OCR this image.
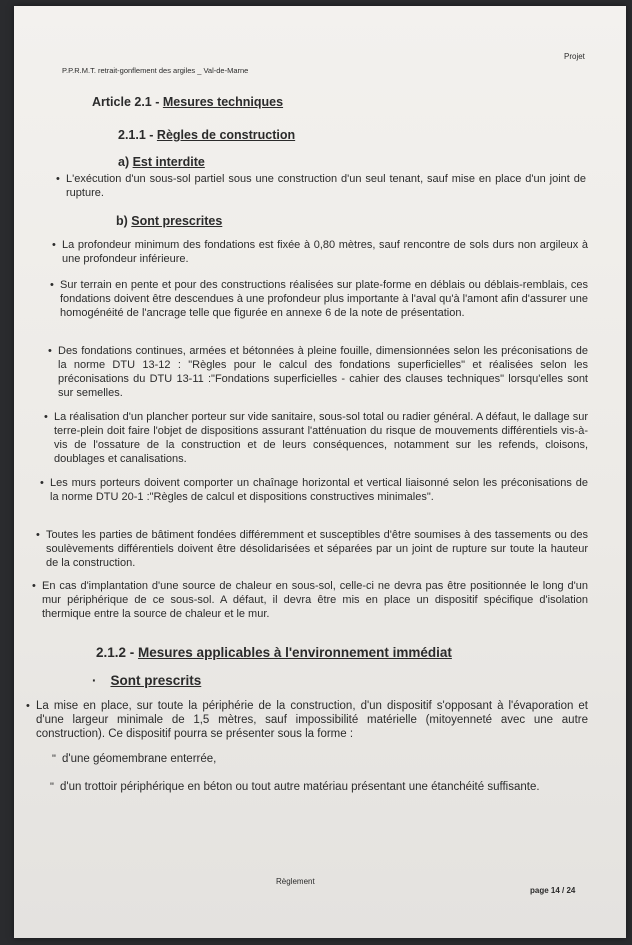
Projet
P.P.R.M.T. retrait-gonflement des argiles _ Val-de-Marne
Article 2.1 - Mesures techniques
2.1.1 - Règles de construction
a) Est interdite
• L'exécution d'un sous-sol partiel sous une construction d'un seul tenant, sauf mise en place d'un joint de rupture.
b) Sont prescrites
• La profondeur minimum des fondations est fixée à 0,80 mètres, sauf rencontre de sols durs non argileux à une profondeur inférieure.
• Sur terrain en pente et pour des constructions réalisées sur plate-forme en déblais ou déblais-remblais, ces fondations doivent être descendues à une profondeur plus importante à l'aval qu'à l'amont afin d'assurer une homogénéité de l'ancrage telle que figurée en annexe 6 de la note de présentation.
• Des fondations continues, armées et bétonnées à pleine fouille, dimensionnées selon les préconisations de la norme DTU 13-12 : "Règles pour le calcul des fondations superficielles" et réalisées selon les préconisations du DTU 13-11 :"Fondations superficielles - cahier des clauses techniques" lorsqu'elles sont sur semelles.
• La réalisation d'un plancher porteur sur vide sanitaire, sous-sol total ou radier général. A défaut, le dallage sur terre-plein doit faire l'objet de dispositions assurant l'atténuation du risque de mouvements différentiels vis-à-vis de l'ossature de la construction et de leurs conséquences, notamment sur les refends, cloisons, doublages et canalisations.
• Les murs porteurs doivent comporter un chaînage horizontal et vertical liaisonné selon les préconisations de la norme DTU 20-1 :"Règles de calcul et dispositions constructives minimales".
• Toutes les parties de bâtiment fondées différemment et susceptibles d'être soumises à des tassements ou des soulèvements différentiels doivent être désolidarisées et séparées par un joint de rupture sur toute la hauteur de la construction.
• En cas d'implantation d'une source de chaleur en sous-sol, celle-ci ne devra pas être positionnée le long d'un mur périphérique de ce sous-sol. A défaut, il devra être mis en place un dispositif spécifique d'isolation thermique entre la source de chaleur et le mur.
2.1.2 - Mesures applicables à l'environnement immédiat
· Sont prescrits
• La mise en place, sur toute la périphérie de la construction, d'un dispositif s'opposant à l'évaporation et d'une largeur minimale de 1,5 mètres, sauf impossibilité matérielle (mitoyenneté avec une autre construction). Ce dispositif pourra se présenter sous la forme :
" d'une géomembrane enterrée,
" d'un trottoir périphérique en béton ou tout autre matériau présentant une étanchéité suffisante.
Règlement
page 14 / 24
